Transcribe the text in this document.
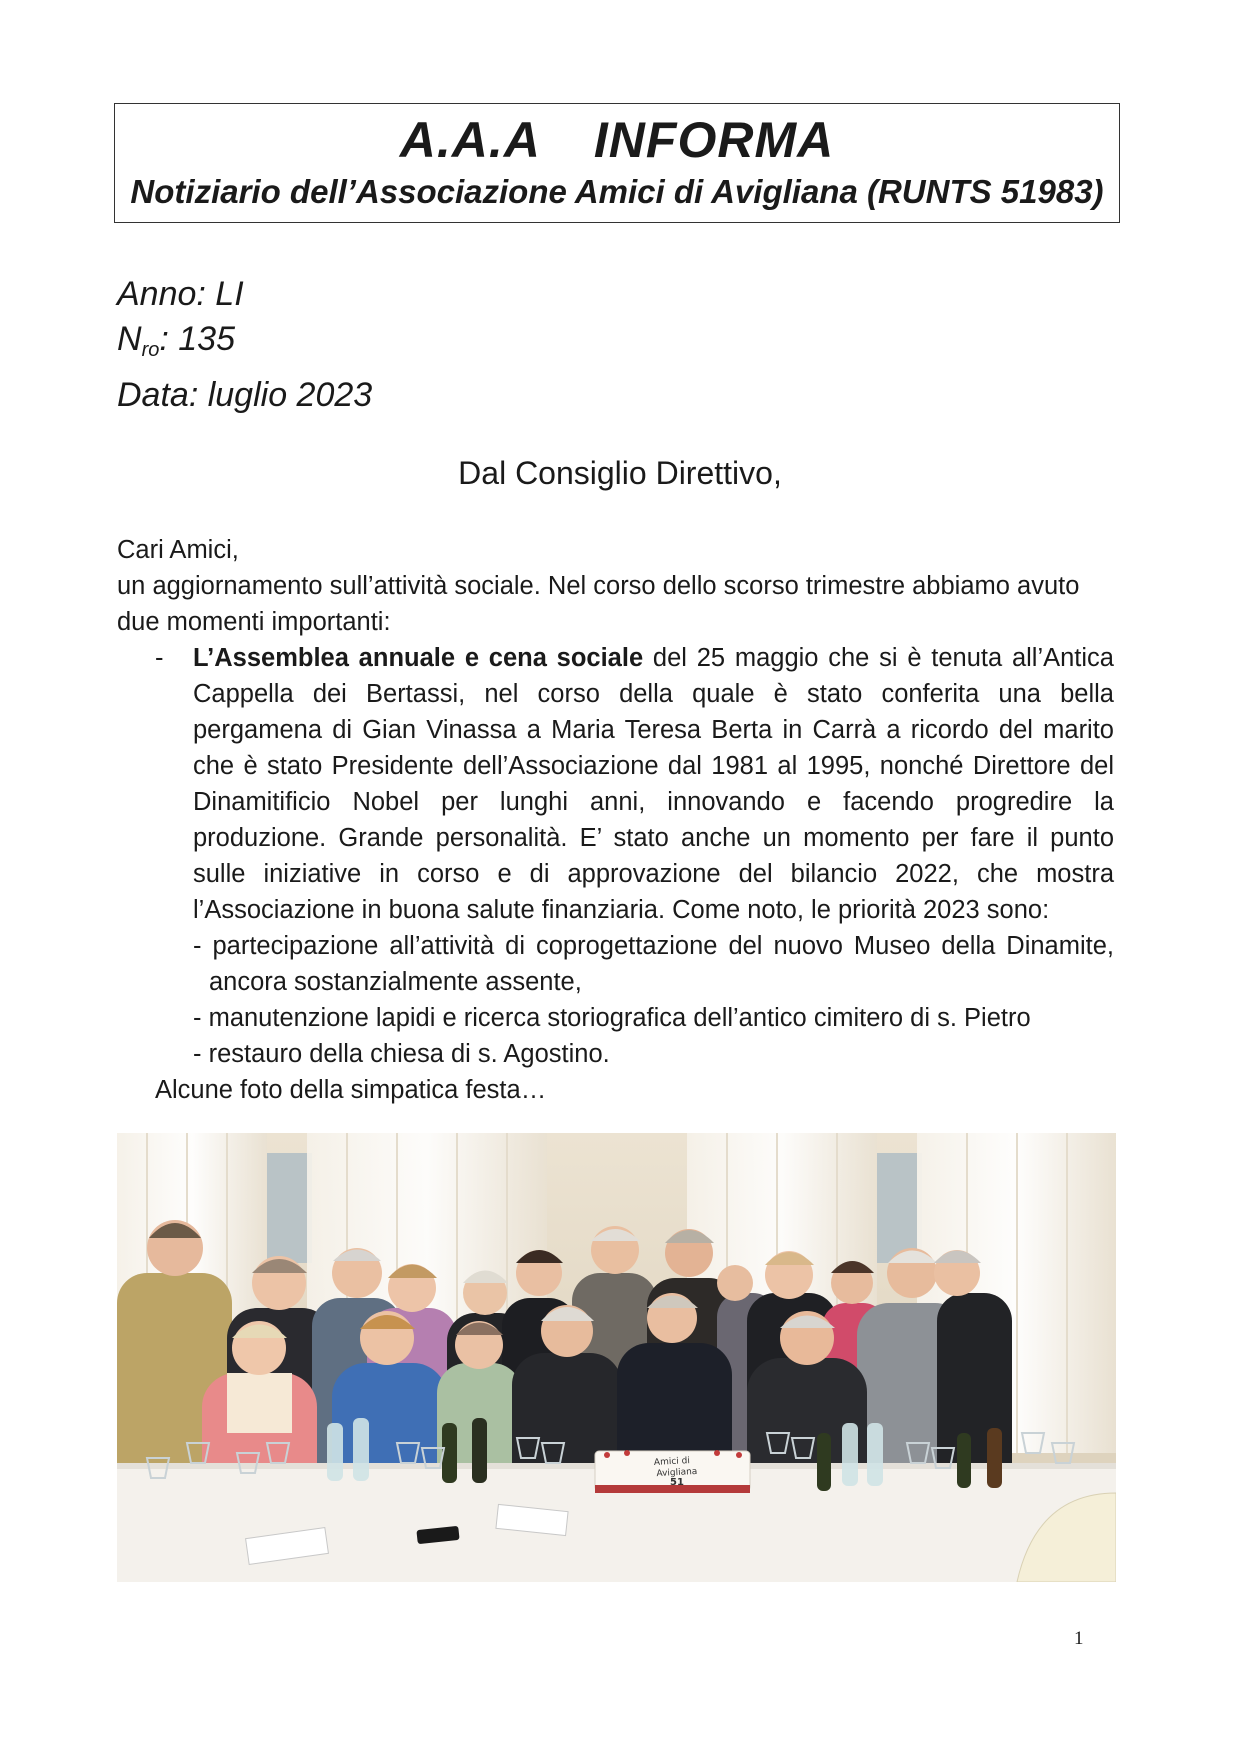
A.A.A INFORMA
Notiziario dell’Associazione Amici di Avigliana (RUNTS 51983)
Anno: LI
$N_{ro}$: 135
Data: luglio 2023
Dal Consiglio Direttivo,

Cari Amici,

un aggiornamento sull’attività sociale. Nel corso dello scorso trimestre abbiamo avuto due momenti importanti:

- L’Assemblea annuale e cena sociale del 25 maggio che si è tenuta all’Antica Cappella dei Bertassi, nel corso della quale è stato conferita una bella pergamena di Gian Vinassa a Maria Teresa Berta in Carrà a ricordo del marito che è stato Presidente dell’Associazione dal 1981 al 1995, nonché Direttore del Dinamitificio Nobel per lunghi anni, innovando e facendo progredire la produzione. Grande personalità. E’ stato anche un momento per fare il punto sulle iniziative in corso e di approvazione del bilancio 2022, che mostra l’Associazione in buona salute finanziaria. Come noto, le priorità 2023 sono:
- partecipazione all’attività di coprogettazione del nuovo Museo della Dinamite, ancora sostanzialmente assente,
- manutenzione lapidi e ricerca storiografica dell’antico cimitero di s. Pietro
- restauro della chiesa di s. Agostino.

Alcune foto della simpatica festa…

Amici di
Avigliana
51
1
